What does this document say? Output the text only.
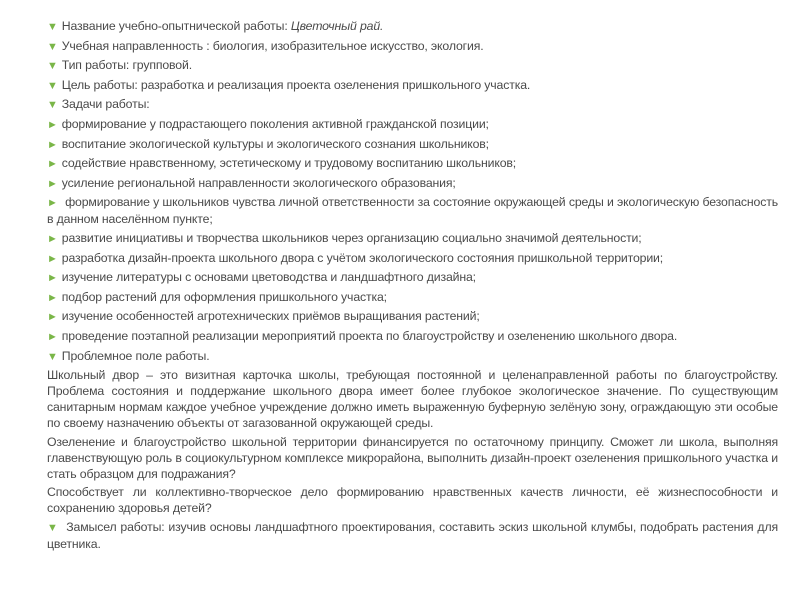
▼ Название учебно-опытнической работы: Цветочный рай.

▼ Учебная направленность : биология, изобразительное искусство, экология.

▼ Тип работы: групповой.

▼ Цель работы: разработка и реализация проекта озеленения пришкольного участка.

▼ Задачи работы:

► формирование у подрастающего поколения активной гражданской позиции;

► воспитание экологической культуры и экологического сознания школьников;

► содействие нравственному, эстетическому и трудовому воспитанию школьников;

► усиление региональной направленности экологического образования;

► формирование у школьников чувства личной ответственности за состояние окружающей среды и экологическую безопасность в данном населённом пункте;

► развитие инициативы и творчества школьников через организацию социально значимой деятельности;

► разработка дизайн-проекта школьного двора с учётом экологического состояния пришкольной территории;

► изучение литературы с основами цветоводства и ландшафтного дизайна;

► подбор растений для оформления пришкольного участка;

► изучение особенностей агротехнических приёмов выращивания растений;

► проведение поэтапной реализации мероприятий проекта по благоустройству и озеленению школьного двора.

▼ Проблемное поле работы.

Школьный двор – это визитная карточка школы, требующая постоянной и целенаправленной работы по благоустройству. Проблема состояния и поддержание школьного двора имеет более глубокое экологическое значение. По существующим санитарным нормам каждое учебное учреждение должно иметь выраженную буферную зелёную зону, ограждающую эти особые по своему назначению объекты от загазованной окружающей среды.

Озеленение и благоустройство школьной территории финансируется по остаточному принципу. Сможет ли школа, выполняя главенствующую роль в социокультурном комплексе микрорайона, выполнить дизайн-проект озеленения пришкольного участка и стать образцом для подражания?

Способствует ли коллективно-творческое дело формированию нравственных качеств личности, её жизнеспособности и сохранению здоровья детей?

▼ Замысел работы: изучив основы ландшафтного проектирования, составить эскиз школьной клумбы, подобрать растения для цветника.
